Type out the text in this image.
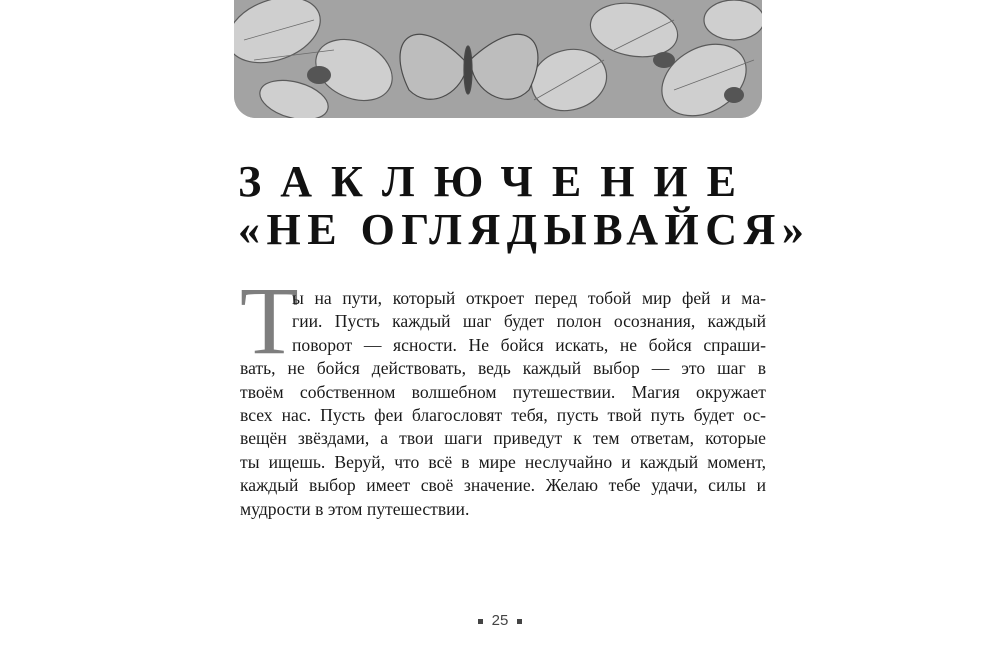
ЗАКЛЮЧЕНИЕ
«НЕ ОГЛЯДЫВАЙСЯ»
Т
ы на пути, который откроет перед тобой мир фей и ма-
гии. Пусть каждый шаг будет полон осознания, каждый
поворот — ясности. Не бойся искать, не бойся спраши-
вать, не бойся действовать, ведь каждый выбор — это шаг в
твоём собственном волшебном путешествии. Магия окружает
всех нас. Пусть феи благословят тебя, пусть твой путь будет ос-
вещён звёздами, а твои шаги приведут к тем ответам, которые
ты ищешь. Веруй, что всё в мире неслучайно и каждый момент,
каждый выбор имеет своё значение. Желаю тебе удачи, силы и
мудрости в этом путешествии.
25
